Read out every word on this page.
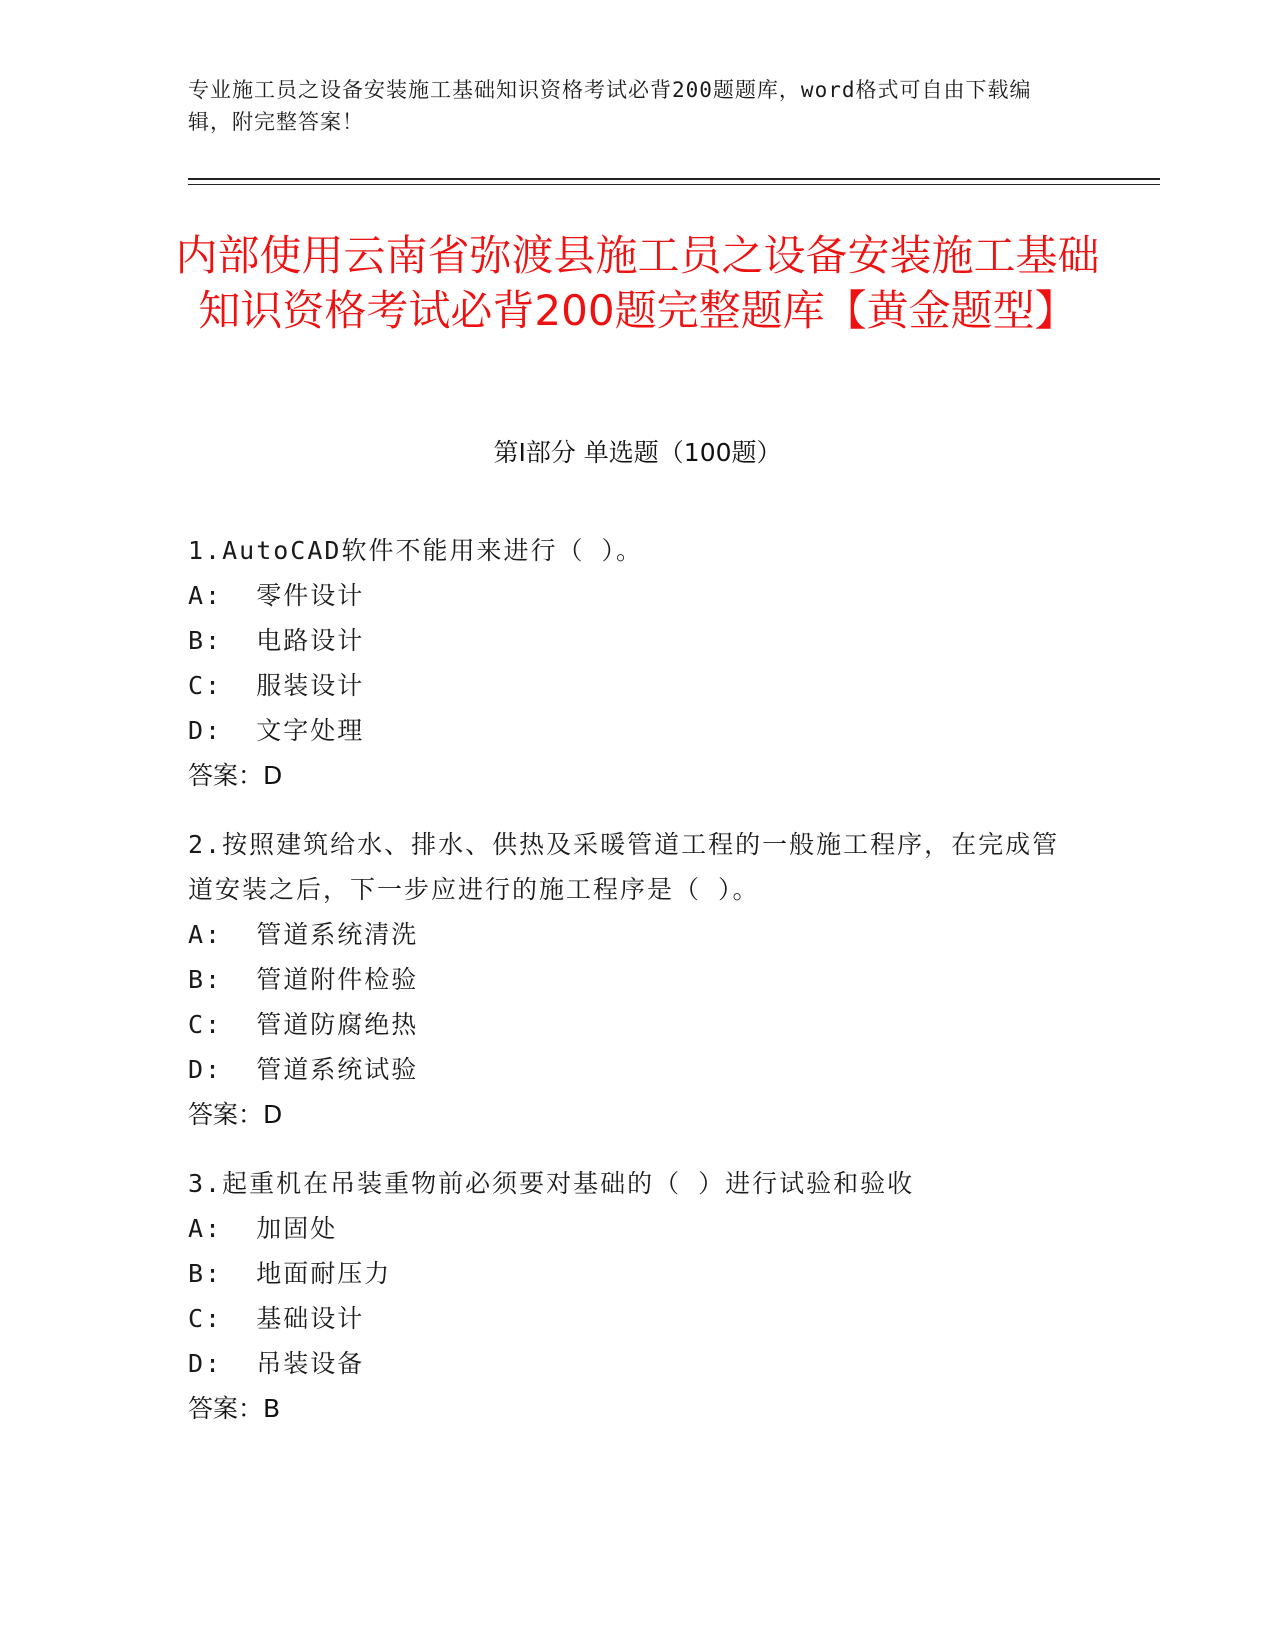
专业施工员之设备安装施工基础知识资格考试必背200题题库，word格式可自由下载编辑，附完整答案！
内部使用云南省弥渡县施工员之设备安装施工基础知识资格考试必背200题完整题库【黄金题型】
第Ⅰ部分 单选题（100题）
1.AutoCAD软件不能用来进行（ ）。
A:  零件设计
B:  电路设计
C:  服装设计
D:  文字处理
答案：D
2.按照建筑给水、排水、供热及采暖管道工程的一般施工程序，在完成管道安装之后，下一步应进行的施工程序是（ ）。
A:  管道系统清洗
B:  管道附件检验
C:  管道防腐绝热
D:  管道系统试验
答案：D
3.起重机在吊装重物前必须要对基础的（ ）进行试验和验收
A:  加固处
B:  地面耐压力
C:  基础设计
D:  吊装设备
答案：B
